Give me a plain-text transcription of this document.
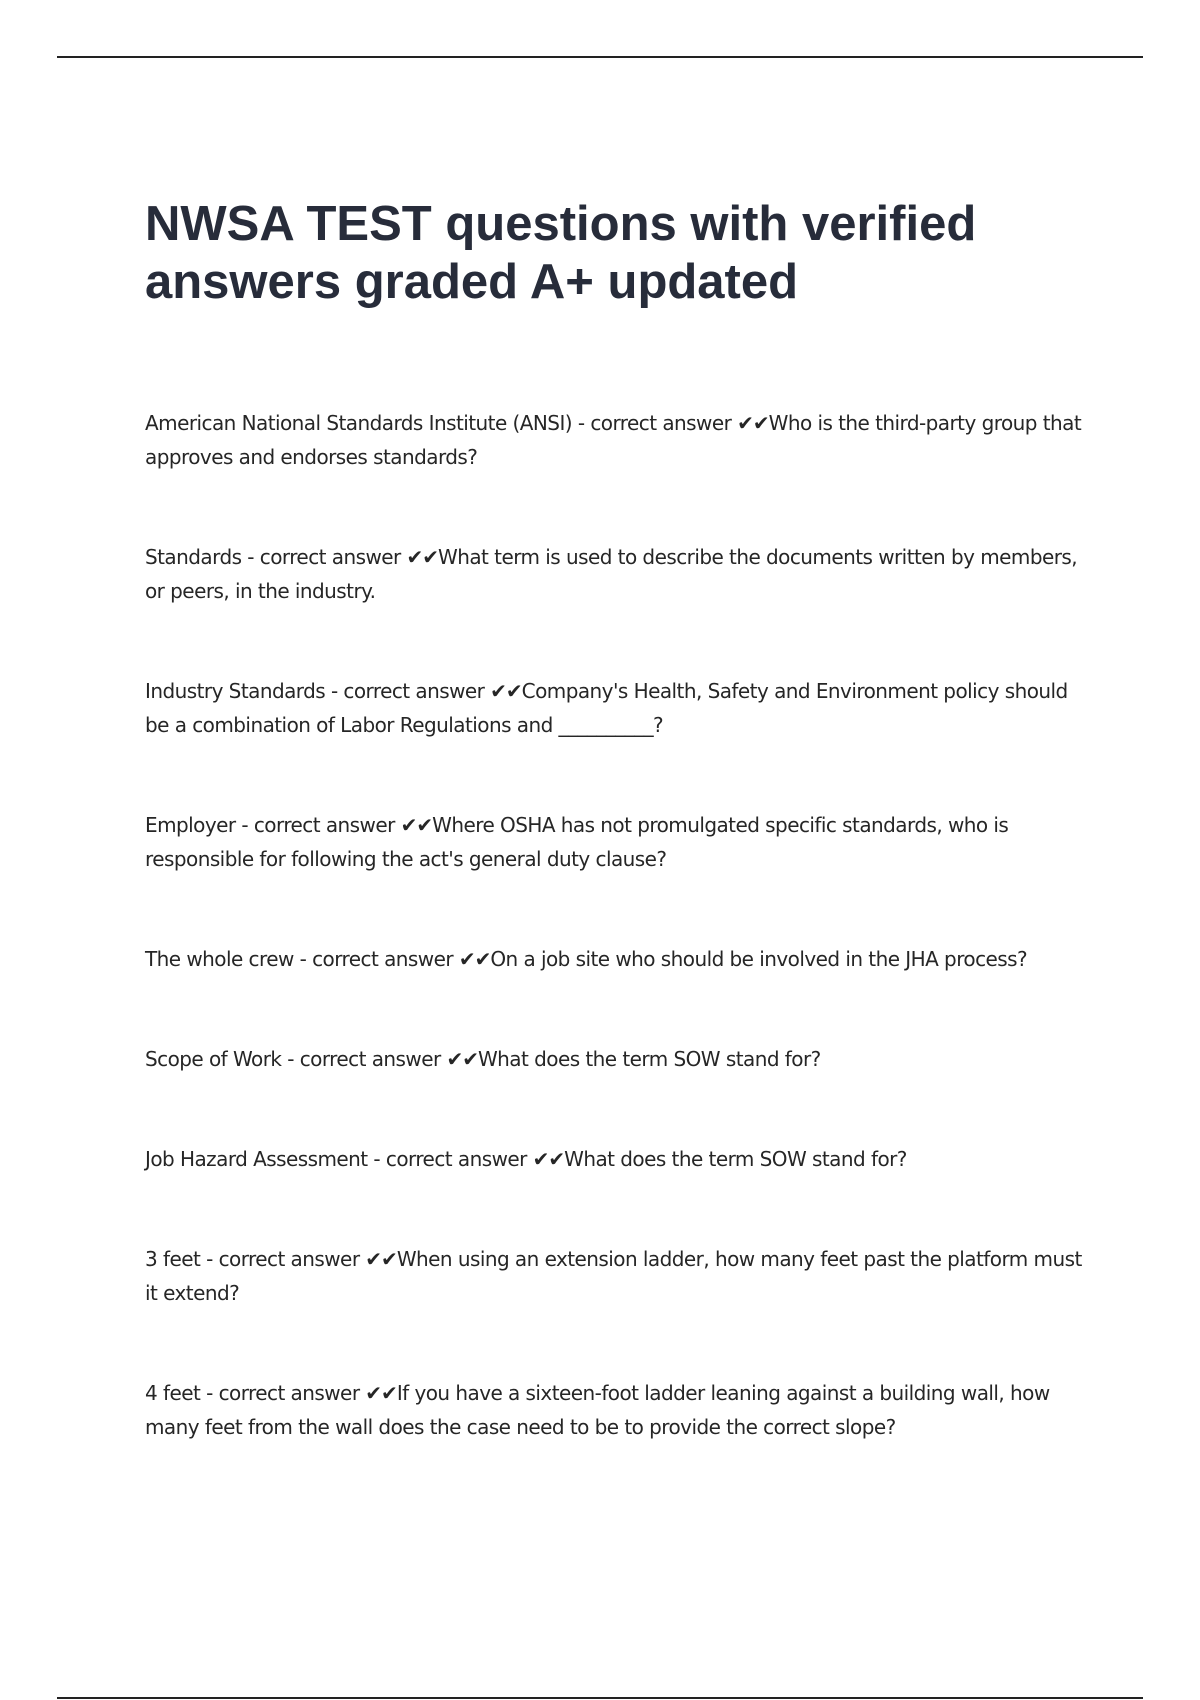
NWSA TEST questions with verified answers graded A+ updated
American National Standards Institute (ANSI) - correct answer ✔✔Who is the third-party group that approves and endorses standards?
Standards - correct answer ✔✔What term is used to describe the documents written by members, or peers, in the industry.
Industry Standards - correct answer ✔✔Company's Health, Safety and Environment policy should be a combination of Labor Regulations and __________?
Employer - correct answer ✔✔Where OSHA has not promulgated specific standards, who is responsible for following the act's general duty clause?
The whole crew - correct answer ✔✔On a job site who should be involved in the JHA process?
Scope of Work - correct answer ✔✔What does the term SOW stand for?
Job Hazard Assessment - correct answer ✔✔What does the term SOW stand for?
3 feet - correct answer ✔✔When using an extension ladder, how many feet past the platform must it extend?
4 feet - correct answer ✔✔If you have a sixteen-foot ladder leaning against a building wall, how many feet from the wall does the case need to be to provide the correct slope?
